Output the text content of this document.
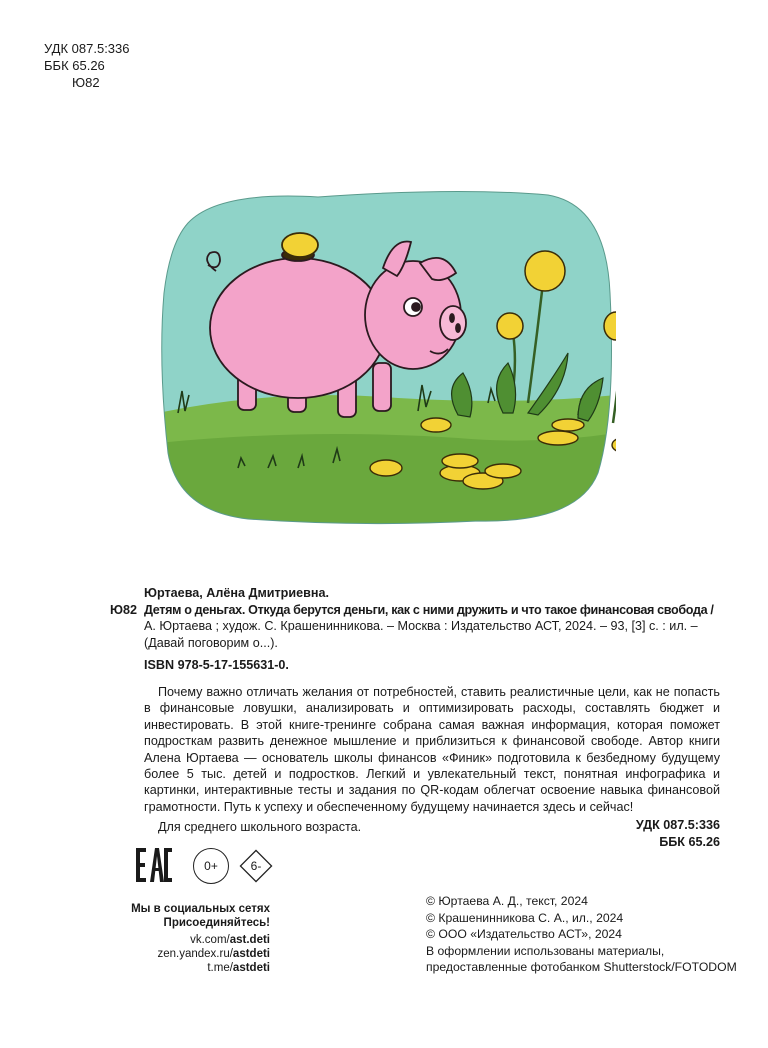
УДК 087.5:336
ББК 65.26
Ю82
Юртаева, Алёна Дмитриевна.
Ю82 Детям о деньгах. Откуда берутся деньги, как с ними дружить и что такое финансовая свобода /
А. Юртаева ; худож. С. Крашенинникова. – Москва : Издательство АСТ, 2024. – 93, [3] с. : ил. –
(Давай поговорим о...).
ISBN 978-5-17-155631-0.

Почему важно отличать желания от потребностей, ставить реалистичные цели, как не попасть в финансовые ловушки, анализировать и оптимизировать расходы, составлять бюджет и инвестировать. В этой книге-тренинге собрана самая важная информация, которая поможет подросткам развить денежное мышление и приблизиться к финансовой свободе. Автор книги Алена Юртаева — основатель школы финансов «Финик» подготовила к безбедному будущему более 5 тыс. детей и подростков. Легкий и увлекательный текст, понятная инфографика и картинки, интерактивные тесты и задания по QR-кодам облегчат освоение навыка финансовой грамотности. Путь к успеху и обеспеченному будущему начинается здесь и сейчас!

Для среднего школьного возраста.	УДК 087.5:336
ББК 65.26
0+	6-
Мы в социальных сетях
Присоединяйтесь!
vk.com/ast.deti
zen.yandex.ru/astdeti
t.me/astdeti
© Юртаева А. Д., текст, 2024
© Крашенинникова С. А., ил., 2024
© ООО «Издательство АСТ», 2024
В оформлении использованы материалы,
предоставленные фотобанком Shutterstock/FOTODOM
